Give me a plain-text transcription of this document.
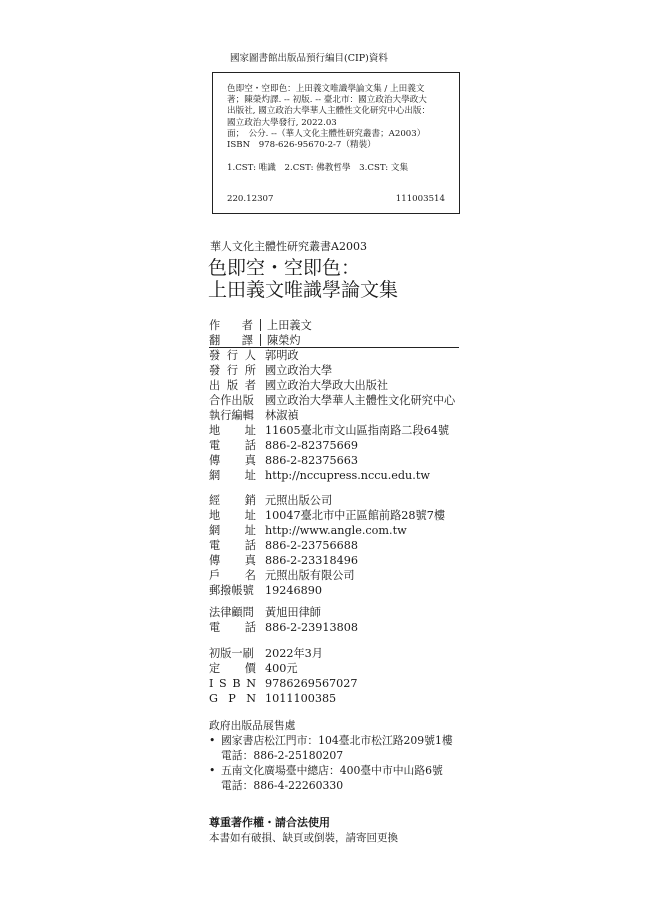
國家圖書館出版品預行編目(CIP)資料
色即空・空即色：上田義文唯識學論文集 / 上田義文
著；陳榮灼譯. -- 初版. -- 臺北市：國立政治大學政大
出版社, 國立政治大學華人主體性文化研究中心出版：
國立政治大學發行, 2022.03
面；　公分. --（華人文化主體性研究叢書；A2003）
ISBN　978-626-95670-2-7（精裝）
1.CST: 唯識　2.CST: 佛教哲學　3.CST: 文集
220.12307	111003514
華人文化主體性研究叢書A2003
色即空・空即色：
上田義文唯識學論文集
作 者 上田義文
翻 譯 陳榮灼
發 行 人 郭明政
發 行 所 國立政治大學
出 版 者 國立政治大學政大出版社
合作出版 國立政治大學華人主體性文化研究中心
執行編輯 林淑禎
地 址 11605臺北市文山區指南路二段64號
電 話 886-2-82375669
傳 真 886-2-82375663
網 址 http://nccupress.nccu.edu.tw
經 銷 元照出版公司
地 址 10047臺北市中正區館前路28號7樓
網 址 http://www.angle.com.tw
電 話 886-2-23756688
傳 真 886-2-23318496
戶 名 元照出版有限公司
郵撥帳號 19246890
法律顧問 黃旭田律師
電 話 886-2-23913808
初版一刷 2022年3月
定 價 400元
I S B N 9786269567027
G P N 1011100385
政府出版品展售處
• 國家書店松江門市：104臺北市松江路209號1樓
電話：886-2-25180207
• 五南文化廣場臺中總店：400臺中市中山路6號
電話：886-4-22260330
尊重著作權・請合法使用
本書如有破損、缺頁或倒裝，請寄回更換
